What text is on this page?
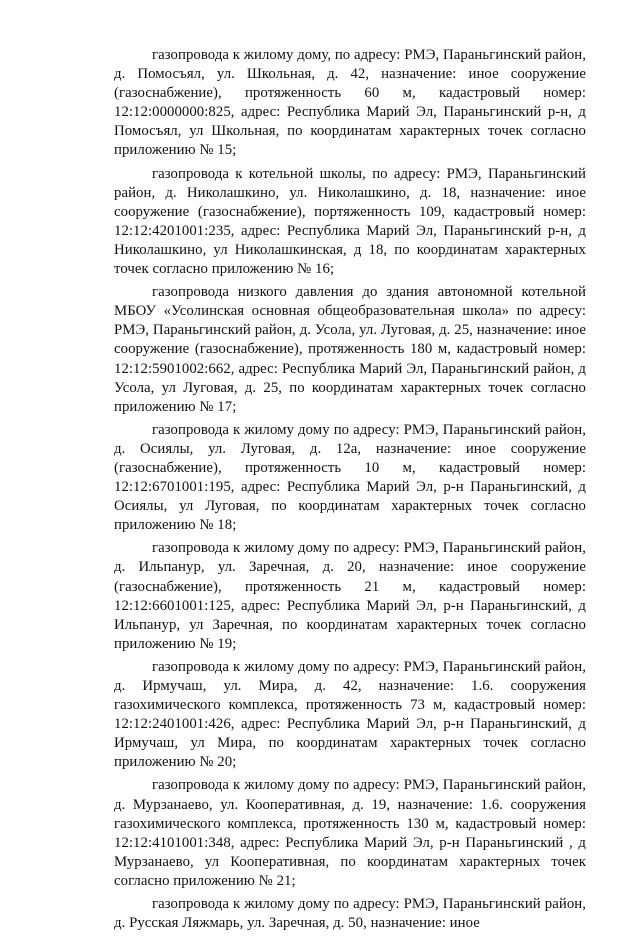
газопровода к жилому дому, по адресу: РМЭ, Параньгинский район, д. Помосъял, ул. Школьная, д. 42, назначение: иное сооружение (газоснабжение), протяженность 60 м, кадастровый номер: 12:12:0000000:825, адрес: Республика Марий Эл, Параньгинский р-н, д Помосъял, ул Школьная, по координатам характерных точек согласно приложению № 15;

газопровода к котельной школы, по адресу: РМЭ, Параньгинский район, д. Николашкино, ул. Николашкино, д. 18, назначение: иное сооружение (газоснабжение), портяженность 109, кадастровый номер: 12:12:4201001:235, адрес: Республика Марий Эл, Параньгинский р-н, д Николашкино, ул Николашкинская, д 18, по координатам характерных точек согласно приложению № 16;

газопровода низкого давления до здания автономной котельной МБОУ «Усолинская основная общеобразовательная школа» по адресу: РМЭ, Параньгинский район, д. Усола, ул. Луговая, д. 25, назначение: иное сооружение (газоснабжение), протяженность 180 м, кадастровый номер: 12:12:5901002:662, адрес: Республика Марий Эл, Параньгинский район, д Усола, ул Луговая, д. 25, по координатам характерных точек согласно приложению № 17;

газопровода к жилому дому по адресу: РМЭ, Параньгинский район, д. Осиялы, ул. Луговая, д. 12а, назначение: иное сооружение (газоснабжение), протяженность 10 м, кадастровый номер: 12:12:6701001:195, адрес: Республика Марий Эл, р-н Параньгинский, д Осиялы, ул Луговая, по координатам характерных точек согласно приложению № 18;

газопровода к жилому дому по адресу: РМЭ, Параньгинский район, д. Ильпанур, ул. Заречная, д. 20, назначение: иное сооружение (газоснабжение), протяженность 21 м, кадастровый номер: 12:12:6601001:125, адрес: Республика Марий Эл, р-н Параньгинский, д Ильпанур, ул Заречная, по координатам характерных точек согласно приложению № 19;

газопровода к жилому дому по адресу: РМЭ, Параньгинский район, д. Ирмучаш, ул. Мира, д. 42, назначение: 1.6. сооружения газохимического комплекса, протяженность 73 м, кадастровый номер: 12:12:2401001:426, адрес: Республика Марий Эл, р-н Параньгинский, д Ирмучаш, ул Мира, по координатам характерных точек согласно приложению № 20;

газопровода к жилому дому по адресу: РМЭ, Параньгинский район, д. Мурзанаево, ул. Кооперативная, д. 19, назначение: 1.6. сооружения газохимического комплекса, протяженность 130 м, кадастровый номер: 12:12:4101001:348, адрес: Республика Марий Эл, р-н Параньгинский , д Мурзанаево, ул Кооперативная, по координатам характерных точек согласно приложению № 21;

газопровода к жилому дому по адресу: РМЭ, Параньгинский район, д. Русская Ляжмарь, ул. Заречная, д. 50, назначение: иное
